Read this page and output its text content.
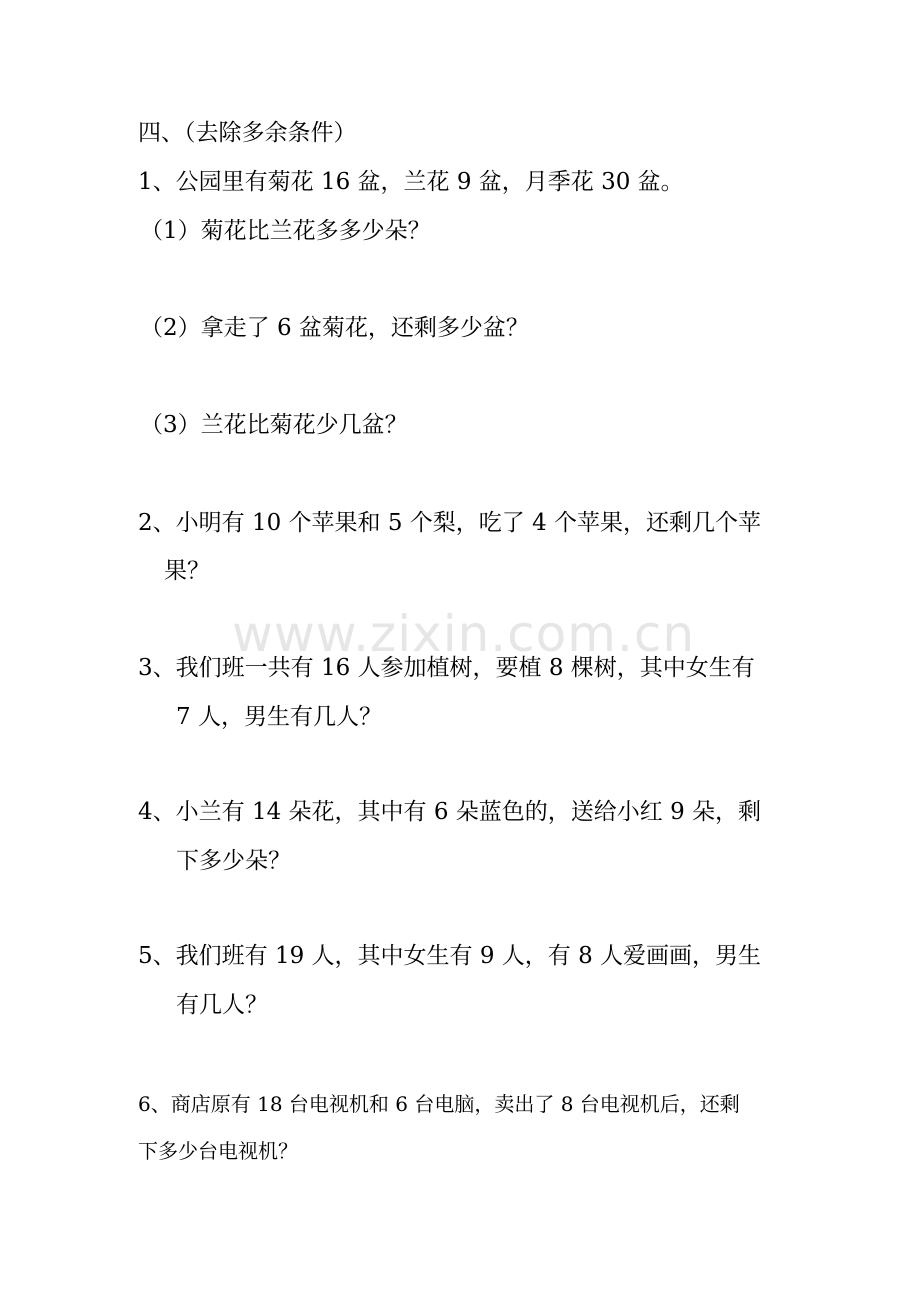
www.zixin.com.cn

四、（去除多余条件）

1、公园里有菊花 16 盆，兰花 9 盆，月季花 30 盆。

（1）菊花比兰花多多少朵？

（2）拿走了 6 盆菊花，还剩多少盆？

（3）兰花比菊花少几盆？

2、小明有 10 个苹果和 5 个梨，吃了 4 个苹果，还剩几个苹

果？

3、我们班一共有 16 人参加植树，要植 8 棵树，其中女生有

7 人，男生有几人？

4、小兰有 14 朵花，其中有 6 朵蓝色的，送给小红 9 朵，剩

下多少朵？

5、我们班有 19 人，其中女生有 9 人，有 8 人爱画画，男生

有几人？

6、商店原有 18 台电视机和 6 台电脑，卖出了 8 台电视机后，还剩

下多少台电视机？
